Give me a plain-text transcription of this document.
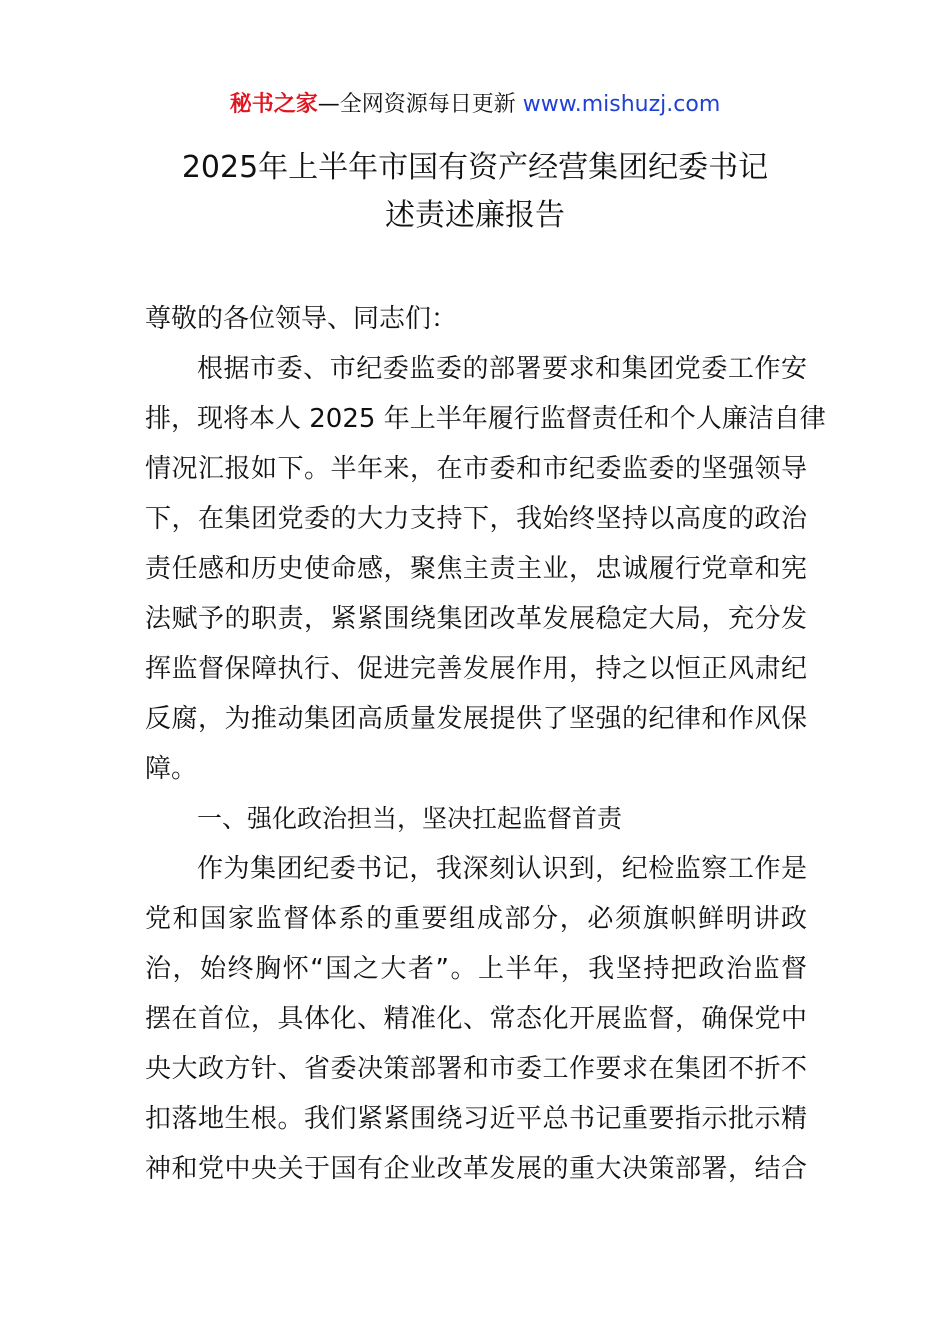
秘书之家—全网资源每日更新 www.mishuzj.com
2025年上半年市国有资产经营集团纪委书记
述责述廉报告
尊敬的各位领导、同志们：
根据市委、市纪委监委的部署要求和集团党委工作安
排，现将本人 2025 年上半年履行监督责任和个人廉洁自律
情况汇报如下。半年来，在市委和市纪委监委的坚强领导
下，在集团党委的大力支持下，我始终坚持以高度的政治
责任感和历史使命感，聚焦主责主业，忠诚履行党章和宪
法赋予的职责，紧紧围绕集团改革发展稳定大局，充分发
挥监督保障执行、促进完善发展作用，持之以恒正风肃纪
反腐，为推动集团高质量发展提供了坚强的纪律和作风保
障。
一、强化政治担当，坚决扛起监督首责
作为集团纪委书记，我深刻认识到，纪检监察工作是
党和国家监督体系的重要组成部分，必须旗帜鲜明讲政
治，始终胸怀“国之大者”。上半年，我坚持把政治监督
摆在首位，具体化、精准化、常态化开展监督，确保党中
央大政方针、省委决策部署和市委工作要求在集团不折不
扣落地生根。我们紧紧围绕习近平总书记重要指示批示精
神和党中央关于国有企业改革发展的重大决策部署，结合
